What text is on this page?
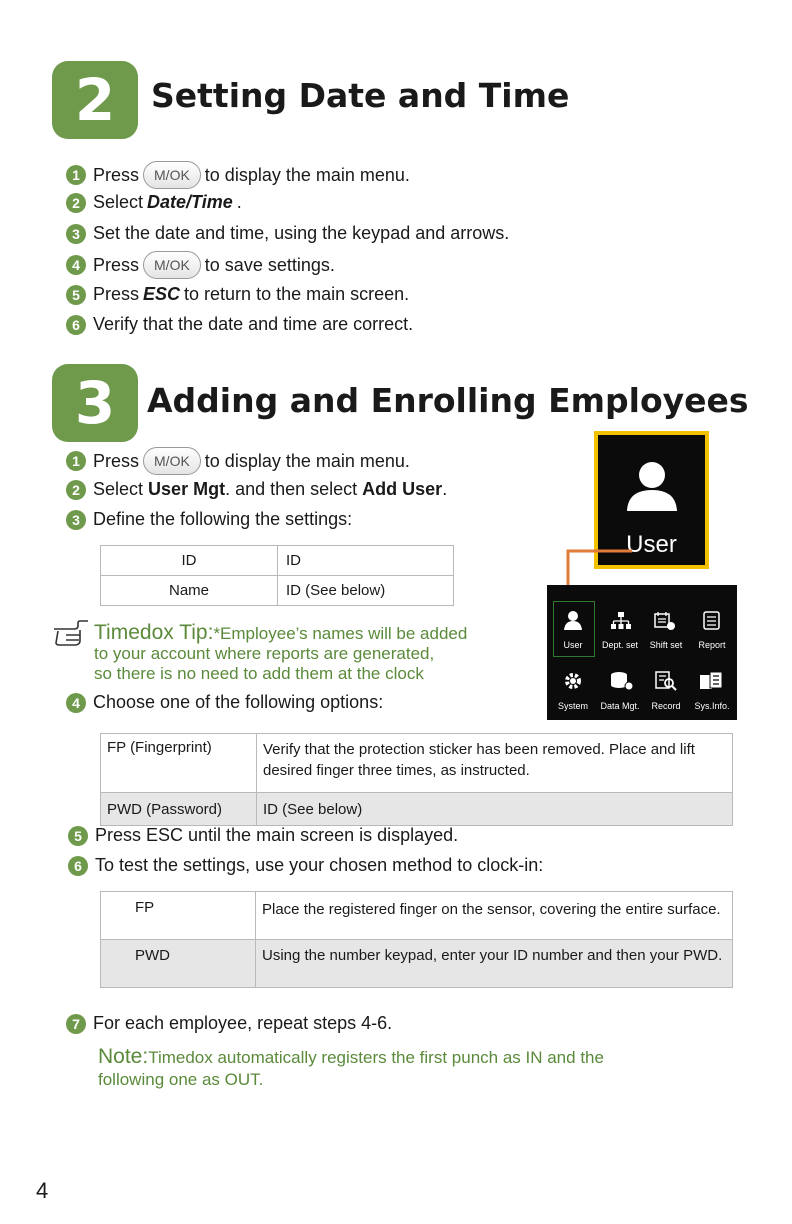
2	Setting Date and Time
1 Press	M/OK to display the main menu.
2 Select Date/Time .
3 Set the date and time, using the keypad and arrows.
4 Press	M/OK to save settings.
5 Press ESC to return to the main screen.
6 Verify that the date and time are correct.
3 Adding and Enrolling Employees
1 Press	M/OK to display the main menu.
2 Select
User Mgt . and then select
Add User .
3 Define the following the settings:
ID	ID
Name	ID (See below)
Timedox Tip:*Employee’s names will be added
to your account where reports are generated,
so there is no need to add them at the clock
4 Choose one of the following options:
FP (Fingerprint)	Verify that the protection sticker has been removed. Place and lift desired finger three times, as instructed.
PWD (Password)	ID (See below)
5 Press ESC until the main screen is displayed.
6 To test the settings, use your chosen method to clock-in:
FP	Place the registered finger on the sensor, covering the entire surface.
PWD	Using the number keypad, enter your ID number and then your PWD.
7 For each employee, repeat steps 4-6.
Note:Timedox automatically registers the first punch as IN and the
following one as OUT.
User
User	Dept. set	Shift set	Report
System	Data Mgt.	Record	Sys.Info.
4
